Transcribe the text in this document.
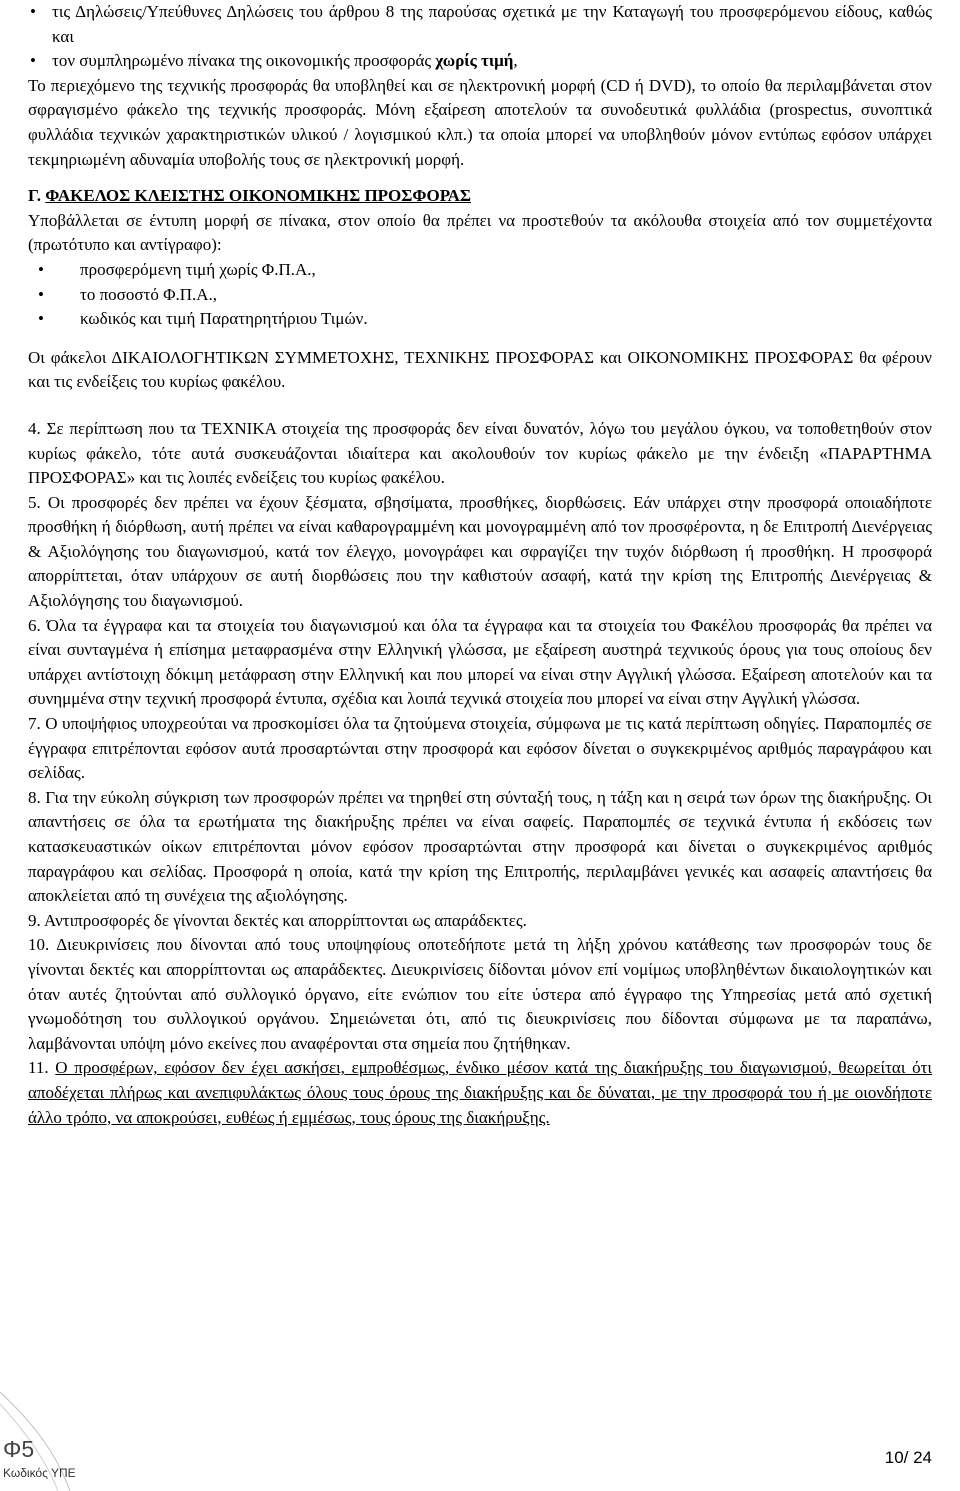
• τις Δηλώσεις/Υπεύθυνες Δηλώσεις του άρθρου 8 της παρούσας σχετικά με την Καταγωγή του προσφερόμενου είδους, καθώς και

• τον συμπληρωμένο πίνακα της οικονομικής προσφοράς χωρίς τιμή,

Το περιεχόμενο της τεχνικής προσφοράς θα υποβληθεί και σε ηλεκτρονική μορφή (CD ή DVD), το οποίο θα περιλαμβάνεται στον σφραγισμένο φάκελο της τεχνικής προσφοράς. Μόνη εξαίρεση αποτελούν τα συνοδευτικά φυλλάδια (prospectus, συνοπτικά φυλλάδια τεχνικών χαρακτηριστικών υλικού / λογισμικού κλπ.) τα οποία μπορεί να υποβληθούν μόνον εντύπως εφόσον υπάρχει τεκμηριωμένη αδυναμία υποβολής τους σε ηλεκτρονική μορφή.

Γ. ΦΑΚΕΛΟΣ ΚΛΕΙΣΤΗΣ ΟΙΚΟΝΟΜΙΚΗΣ ΠΡΟΣΦΟΡΑΣ

Υποβάλλεται σε έντυπη μορφή σε πίνακα, στον οποίο θα πρέπει να προστεθούν τα ακόλουθα στοιχεία από τον συμμετέχοντα (πρωτότυπο και αντίγραφο):

• προσφερόμενη τιμή χωρίς Φ.Π.Α.,

• το ποσοστό Φ.Π.Α.,

• κωδικός και τιμή Παρατηρητήριου Τιμών.

Οι φάκελοι ΔΙΚΑΙΟΛΟΓΗΤΙΚΩΝ ΣΥΜΜΕΤΟΧΗΣ, ΤΕΧΝΙΚΗΣ ΠΡΟΣΦΟΡΑΣ και ΟΙΚΟΝΟΜΙΚΗΣ ΠΡΟΣΦΟΡΑΣ θα φέρουν και τις ενδείξεις του κυρίως φακέλου.

4. Σε περίπτωση που τα ΤΕΧΝΙΚΑ στοιχεία της προσφοράς δεν είναι δυνατόν, λόγω του μεγάλου όγκου, να τοποθετηθούν στον κυρίως φάκελο, τότε αυτά συσκευάζονται ιδιαίτερα και ακολουθούν τον κυρίως φάκελο με την ένδειξη «ΠΑΡΑΡΤΗΜΑ ΠΡΟΣΦΟΡΑΣ» και τις λοιπές ενδείξεις του κυρίως φακέλου.

5. Οι προσφορές δεν πρέπει να έχουν ξέσματα, σβησίματα, προσθήκες, διορθώσεις. Εάν υπάρχει στην προσφορά οποιαδήποτε προσθήκη ή διόρθωση, αυτή πρέπει να είναι καθαρογραμμένη και μονογραμμένη από τον προσφέροντα, η δε Επιτροπή Διενέργειας & Αξιολόγησης του διαγωνισμού, κατά τον έλεγχο, μονογράφει και σφραγίζει την τυχόν διόρθωση ή προσθήκη. Η προσφορά απορρίπτεται, όταν υπάρχουν σε αυτή διορθώσεις που την καθιστούν ασαφή, κατά την κρίση της Επιτροπής Διενέργειας & Αξιολόγησης του διαγωνισμού.

6. Όλα τα έγγραφα και τα στοιχεία του διαγωνισμού και όλα τα έγγραφα και τα στοιχεία του Φακέλου προσφοράς θα πρέπει να είναι συνταγμένα ή επίσημα μεταφρασμένα στην Ελληνική γλώσσα, με εξαίρεση αυστηρά τεχνικούς όρους για τους οποίους δεν υπάρχει αντίστοιχη δόκιμη μετάφραση στην Ελληνική και που μπορεί να είναι στην Αγγλική γλώσσα. Εξαίρεση αποτελούν και τα συνημμένα στην τεχνική προσφορά έντυπα, σχέδια και λοιπά τεχνικά στοιχεία που μπορεί να είναι στην Αγγλική γλώσσα.

7. Ο υποψήφιος υποχρεούται να προσκομίσει όλα τα ζητούμενα στοιχεία, σύμφωνα με τις κατά περίπτωση οδηγίες. Παραπομπές σε έγγραφα επιτρέπονται εφόσον αυτά προσαρτώνται στην προσφορά και εφόσον δίνεται ο συγκεκριμένος αριθμός παραγράφου και σελίδας.

8. Για την εύκολη σύγκριση των προσφορών πρέπει να τηρηθεί στη σύνταξή τους, η τάξη και η σειρά των όρων της διακήρυξης. Οι απαντήσεις σε όλα τα ερωτήματα της διακήρυξης πρέπει να είναι σαφείς. Παραπομπές σε τεχνικά έντυπα ή εκδόσεις των κατασκευαστικών οίκων επιτρέπονται μόνον εφόσον προσαρτώνται στην προσφορά και δίνεται ο συγκεκριμένος αριθμός παραγράφου και σελίδας. Προσφορά η οποία, κατά την κρίση της Επιτροπής, περιλαμβάνει γενικές και ασαφείς απαντήσεις θα αποκλείεται από τη συνέχεια της αξιολόγησης.

9. Αντιπροσφορές δε γίνονται δεκτές και απορρίπτονται ως απαράδεκτες.

10. Διευκρινίσεις που δίνονται από τους υποψηφίους οποτεδήποτε μετά τη λήξη χρόνου κατάθεσης των προσφορών τους δε γίνονται δεκτές και απορρίπτονται ως απαράδεκτες. Διευκρινίσεις δίδονται μόνον επί νομίμως υποβληθέντων δικαιολογητικών και όταν αυτές ζητούνται από συλλογικό όργανο, είτε ενώπιον του είτε ύστερα από έγγραφο της Υπηρεσίας μετά από σχετική γνωμοδότηση του συλλογικού οργάνου. Σημειώνεται ότι, από τις διευκρινίσεις που δίδονται σύμφωνα με τα παραπάνω, λαμβάνονται υπόψη μόνο εκείνες που αναφέρονται στα σημεία που ζητήθηκαν.

11. Ο προσφέρων, εφόσον δεν έχει ασκήσει, εμπροθέσμως, ένδικο μέσον κατά της διακήρυξης του διαγωνισμού, θεωρείται ότι αποδέχεται πλήρως και ανεπιφυλάκτως όλους τους όρους της διακήρυξης και δε δύναται, με την προσφορά του ή με οιονδήποτε άλλο τρόπο, να αποκρούσει, ευθέως ή εμμέσως, τους όρους της διακήρυξης.

Φ5
Κωδικός ΥΠΕ
10/ 24
